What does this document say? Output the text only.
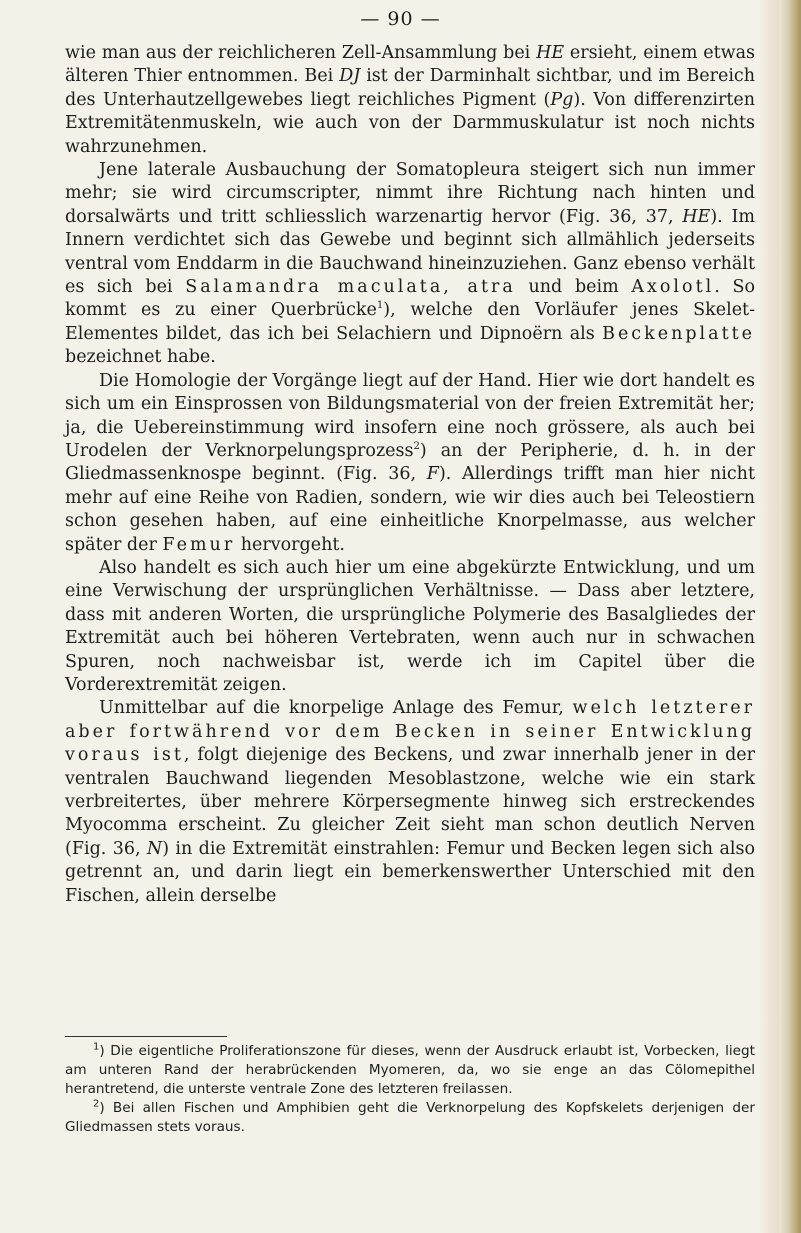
— 90 —

wie man aus der reichlicheren Zell-Ansammlung bei HE ersieht, einem etwas älteren Thier entnommen. Bei DJ ist der Darminhalt sichtbar, und im Bereich des Unterhautzellgewebes liegt reichliches Pigment (Pg). Von differenzirten Extremitätenmuskeln, wie auch von der Darmmuskulatur ist noch nichts wahrzunehmen.

Jene laterale Ausbauchung der Somatopleura steigert sich nun immer mehr; sie wird circumscripter, nimmt ihre Richtung nach hinten und dorsalwärts und tritt schliesslich warzenartig hervor (Fig. 36, 37, HE). Im Innern verdichtet sich das Gewebe und beginnt sich allmählich jederseits ventral vom Enddarm in die Bauchwand hineinzuziehen. Ganz ebenso verhält es sich bei Salamandra maculata, atra und beim Axolotl. So kommt es zu einer Querbrücke$^1$), welche den Vorläufer jenes Skelet-Elementes bildet, das ich bei Selachiern und Dipnoërn als Beckenplatte bezeichnet habe.

Die Homologie der Vorgänge liegt auf der Hand. Hier wie dort handelt es sich um ein Einsprossen von Bildungsmaterial von der freien Extremität her; ja, die Uebereinstimmung wird insofern eine noch grössere, als auch bei Urodelen der Verknorpelungsprozess$^2$) an der Peripherie, d. h. in der Gliedmassenknospe beginnt. (Fig. 36, F). Allerdings trifft man hier nicht mehr auf eine Reihe von Radien, sondern, wie wir dies auch bei Teleostiern schon gesehen haben, auf eine einheitliche Knorpelmasse, aus welcher später der Femur hervorgeht.

Also handelt es sich auch hier um eine abgekürzte Entwicklung, und um eine Verwischung der ursprünglichen Verhältnisse. — Dass aber letztere, dass mit anderen Worten, die ursprüngliche Polymerie des Basalgliedes der Extremität auch bei höheren Vertebraten, wenn auch nur in schwachen Spuren, noch nachweisbar ist, werde ich im Capitel über die Vorderextremität zeigen.

Unmittelbar auf die knorpelige Anlage des Femur, welch letzterer aber fortwährend vor dem Becken in seiner Entwicklung voraus ist, folgt diejenige des Beckens, und zwar innerhalb jener in der ventralen Bauchwand liegenden Mesoblastzone, welche wie ein stark verbreitertes, über mehrere Körpersegmente hinweg sich erstreckendes Myocomma erscheint. Zu gleicher Zeit sieht man schon deutlich Nerven (Fig. 36, N) in die Extremität einstrahlen: Femur und Becken legen sich also getrennt an, und darin liegt ein bemerkenswerther Unterschied mit den Fischen, allein derselbe

$^1$) Die eigentliche Proliferationszone für dieses, wenn der Ausdruck erlaubt ist, Vorbecken, liegt am unteren Rand der herabrückenden Myomeren, da, wo sie enge an das Cölomepithel herantretend, die unterste ventrale Zone des letzteren freilassen.

$^2$) Bei allen Fischen und Amphibien geht die Verknorpelung des Kopfskelets derjenigen der Gliedmassen stets voraus.
